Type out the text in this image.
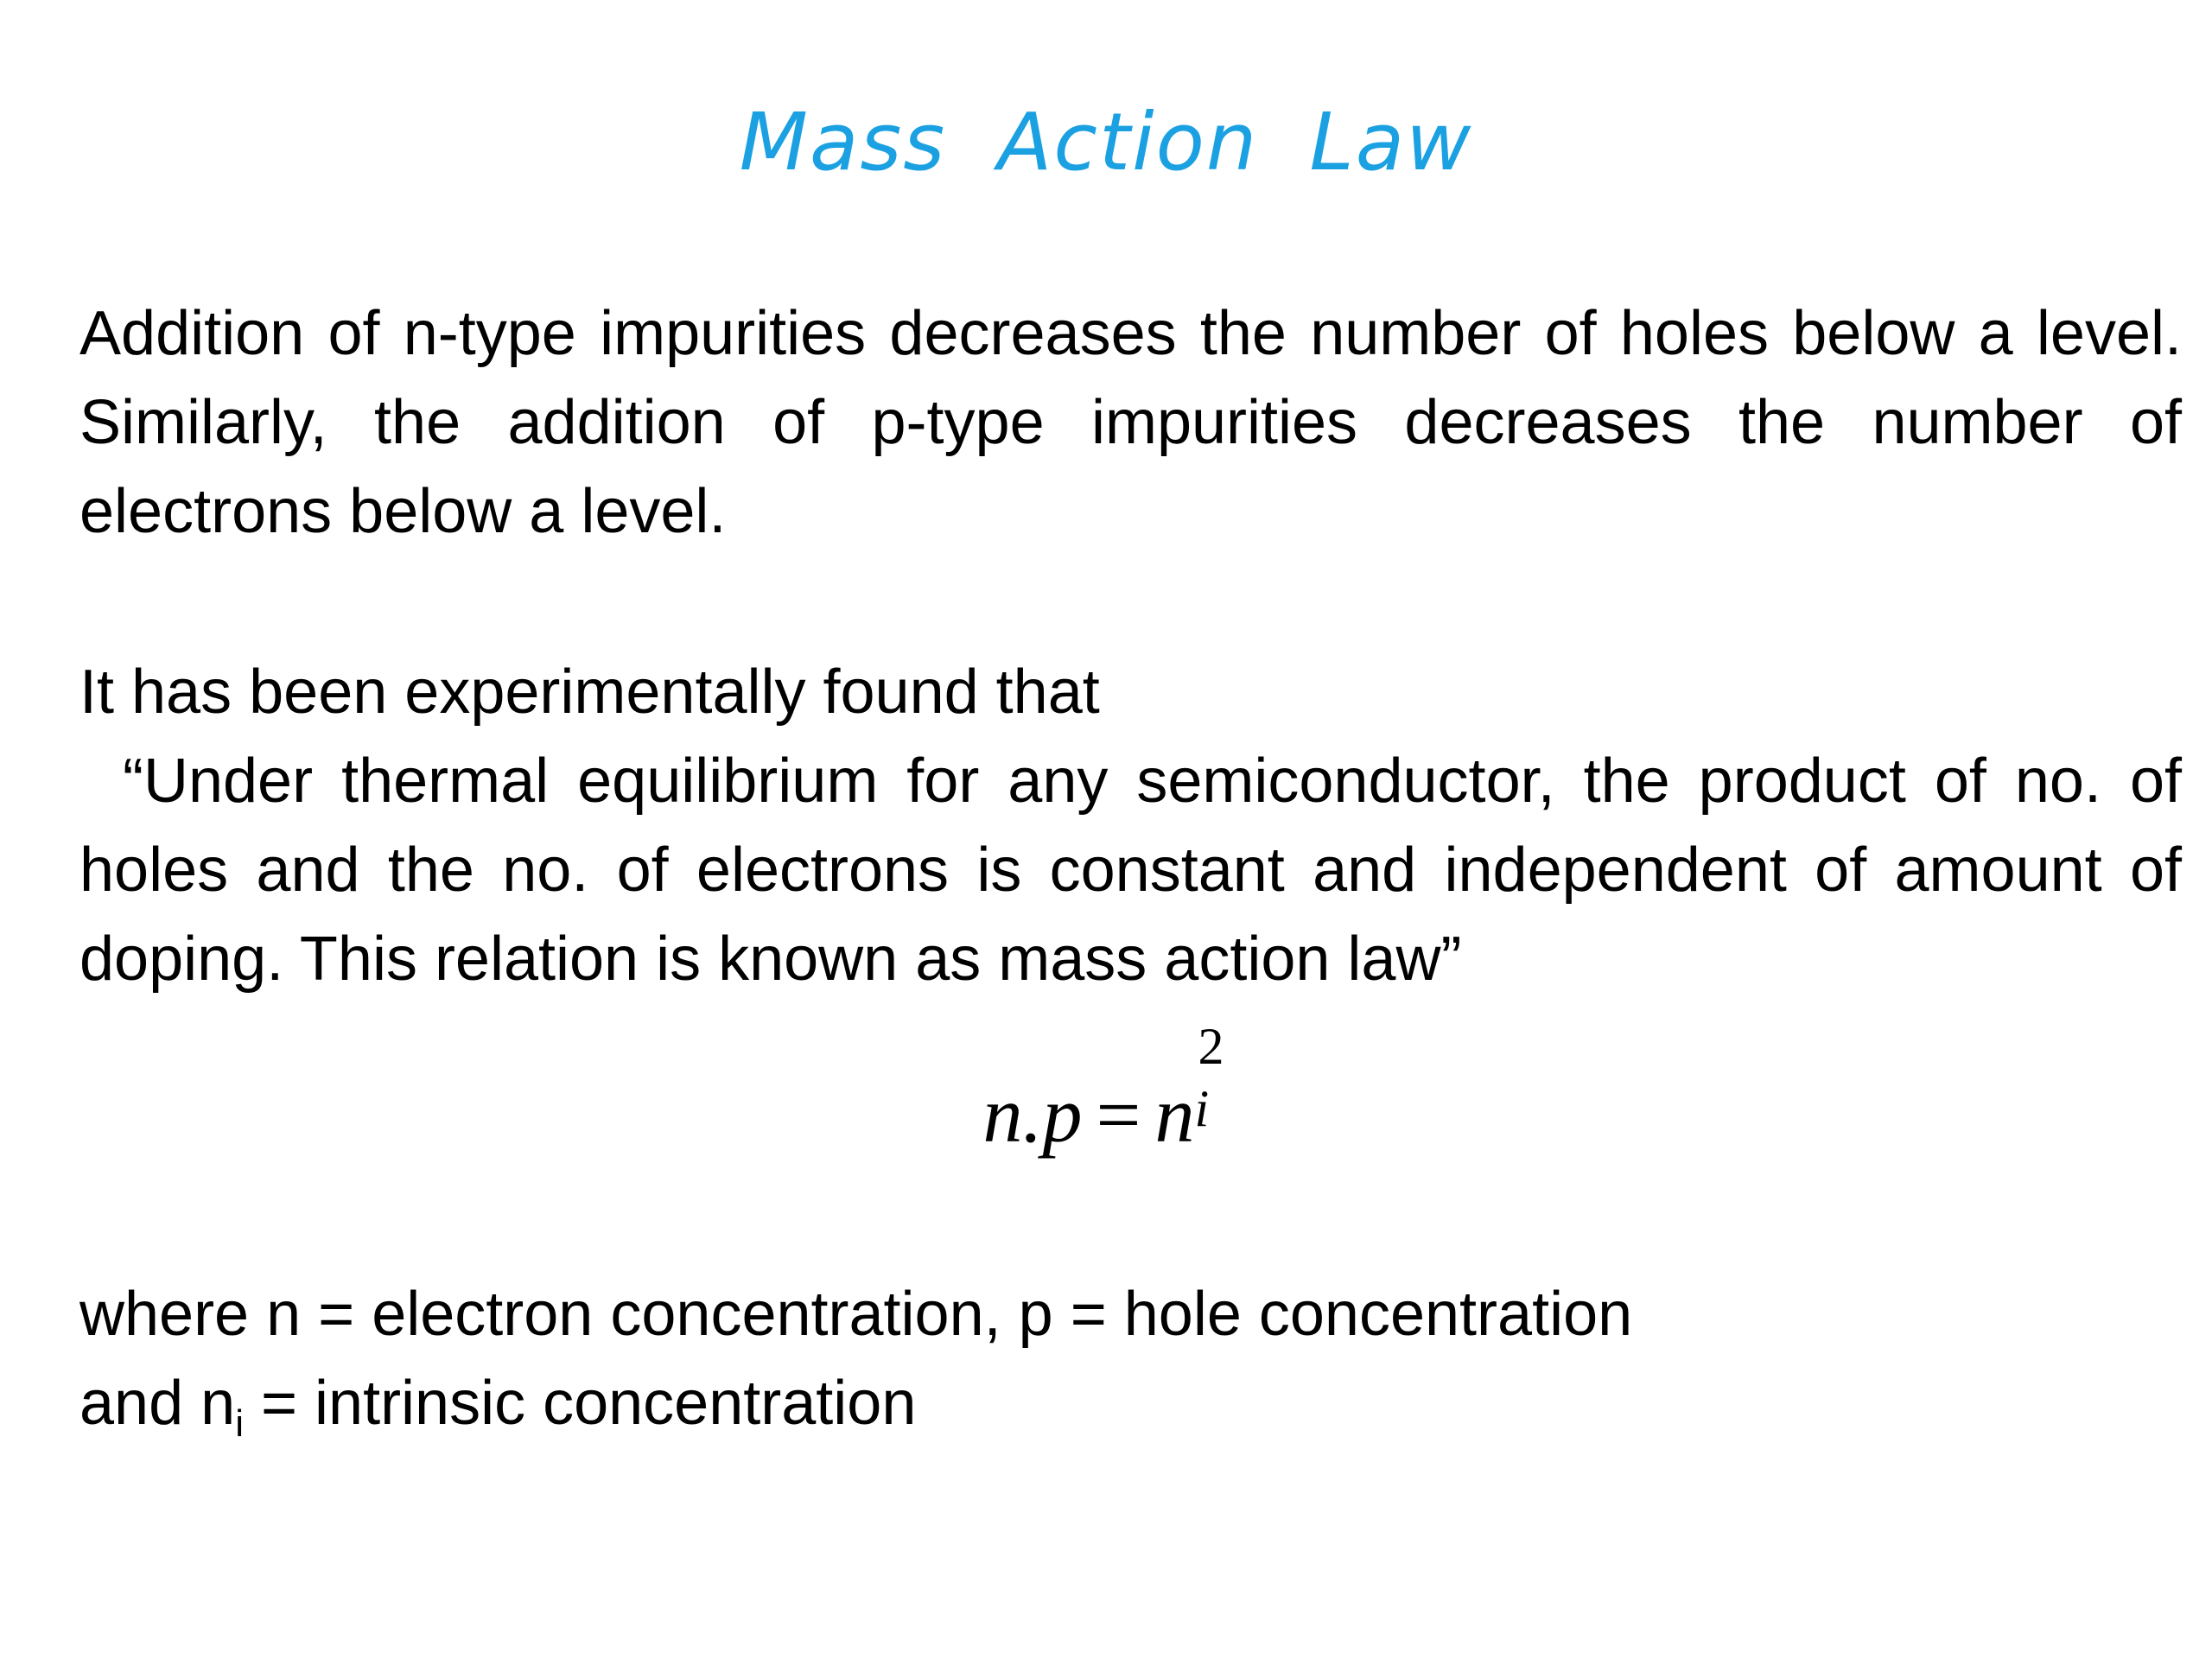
Mass Action Law

Addition of n-type impurities decreases the number of holes below a level. Similarly, the addition of p-type impurities decreases the number of electrons below a level.

It has been experimentally found that
“Under thermal equilibrium for any semiconductor, the product of no. of holes and the no. of electrons is constant and independent of amount of doping. This relation is known as mass action law”
n.p = n
2
i
where n = electron concentration, p = hole concentration
and $n_i$ = intrinsic concentration
